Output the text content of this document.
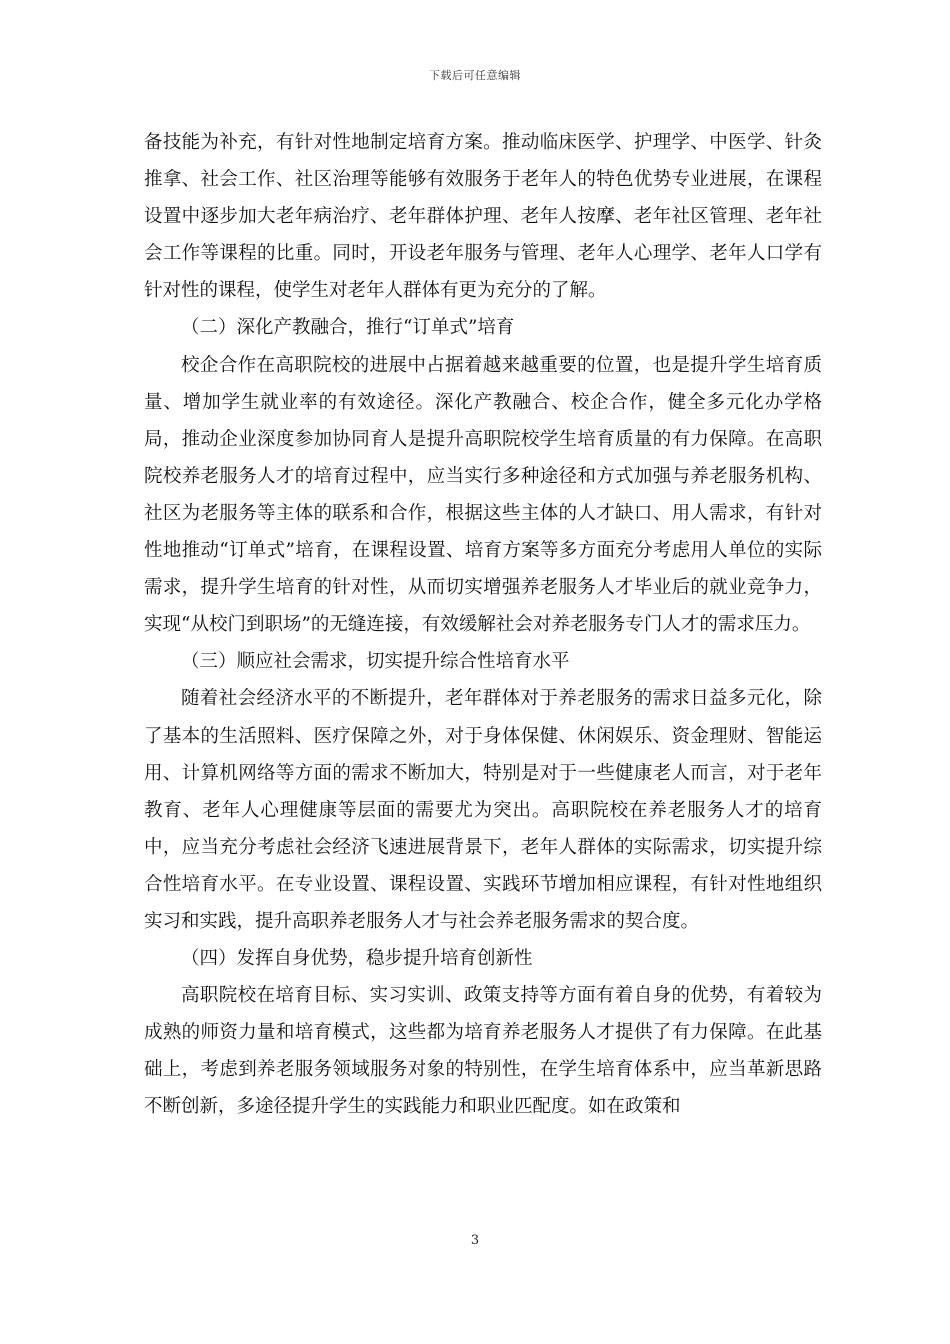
下载后可任意编辑

备技能为补充，有针对性地制定培育方案。推动临床医学、护理学、中医学、针灸推拿、社会工作、社区治理等能够有效服务于老年人的特色优势专业进展，在课程设置中逐步加大老年病治疗、老年群体护理、老年人按摩、老年社区管理、老年社会工作等课程的比重。同时，开设老年服务与管理、老年人心理学、老年人口学有针对性的课程，使学生对老年人群体有更为充分的了解。

（二）深化产教融合，推行“订单式”培育

校企合作在高职院校的进展中占据着越来越重要的位置，也是提升学生培育质量、增加学生就业率的有效途径。深化产教融合、校企合作，健全多元化办学格局，推动企业深度参加协同育人是提升高职院校学生培育质量的有力保障。在高职院校养老服务人才的培育过程中，应当实行多种途径和方式加强与养老服务机构、社区为老服务等主体的联系和合作，根据这些主体的人才缺口、用人需求，有针对性地推动“订单式”培育，在课程设置、培育方案等多方面充分考虑用人单位的实际需求，提升学生培育的针对性，从而切实增强养老服务人才毕业后的就业竞争力，实现“从校门到职场”的无缝连接，有效缓解社会对养老服务专门人才的需求压力。

（三）顺应社会需求，切实提升综合性培育水平

随着社会经济水平的不断提升，老年群体对于养老服务的需求日益多元化，除了基本的生活照料、医疗保障之外，对于身体保健、休闲娱乐、资金理财、智能运用、计算机网络等方面的需求不断加大，特别是对于一些健康老人而言，对于老年教育、老年人心理健康等层面的需要尤为突出。高职院校在养老服务人才的培育中，应当充分考虑社会经济飞速进展背景下，老年人群体的实际需求，切实提升综合性培育水平。在专业设置、课程设置、实践环节增加相应课程，有针对性地组织实习和实践，提升高职养老服务人才与社会养老服务需求的契合度。

（四）发挥自身优势，稳步提升培育创新性

高职院校在培育目标、实习实训、政策支持等方面有着自身的优势，有着较为成熟的师资力量和培育模式，这些都为培育养老服务人才提供了有力保障。在此基础上，考虑到养老服务领域服务对象的特别性，在学生培育体系中，应当革新思路不断创新，多途径提升学生的实践能力和职业匹配度。如在政策和

3
